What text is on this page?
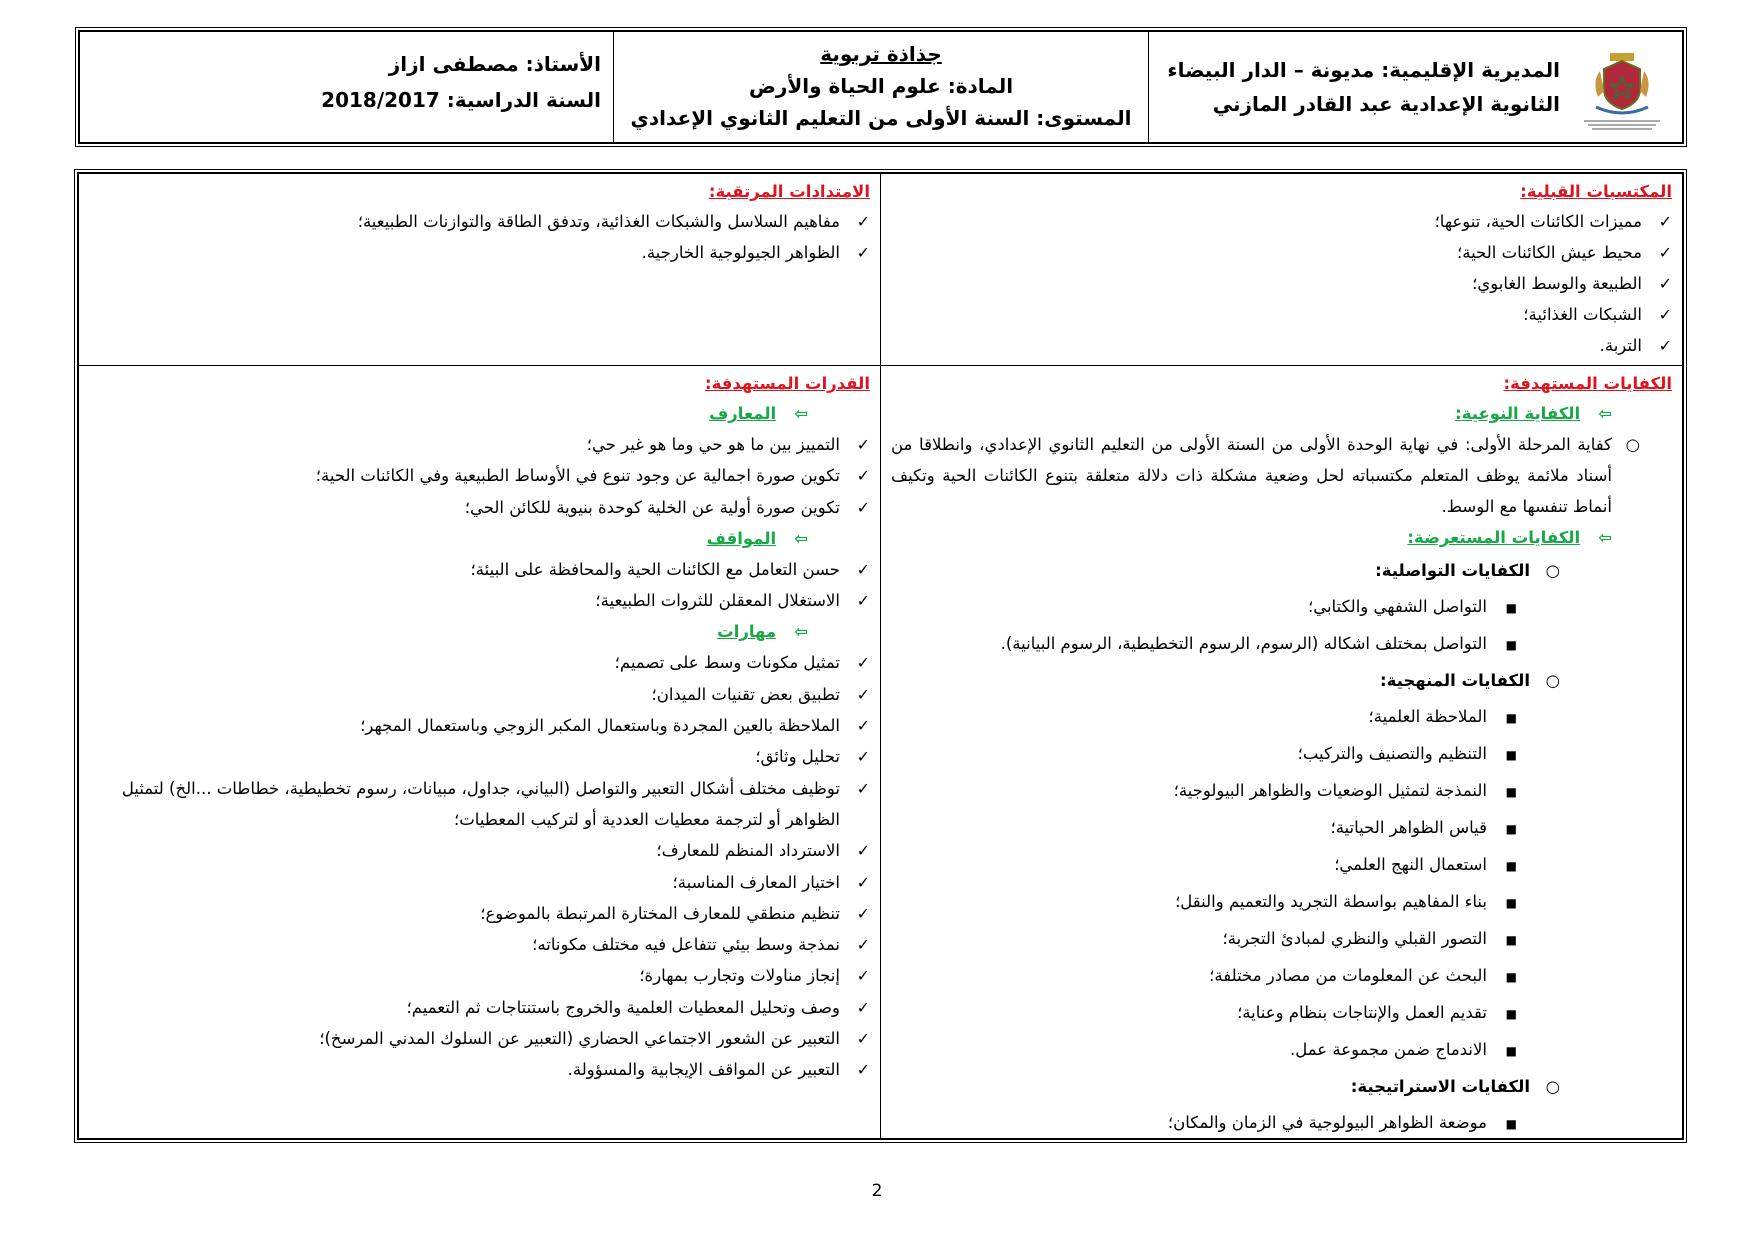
المديرية الإقليمية: مديونة – الدار البيضاء
الثانوية الإعدادية عبد القادر المازني
جذاذة تربوية
المادة: علوم الحياة والأرض
المستوى: السنة الأولى من التعليم الثانوي الإعدادي
الأستاذ: مصطفى ازاز
السنة الدراسية: 2018/2017
المكتسبات القبلية:
✓
مميزات الكائنات الحية، تنوعها؛
✓
محيط عيش الكائنات الحية؛
✓
الطبيعة والوسط الغابوي؛
✓
الشبكات الغذائية؛
✓
التربة.
الامتدادات المرتقبة:
✓
مفاهيم السلاسل والشبكات الغذائية، وتدفق الطاقة والتوازنات الطبيعية؛
✓
الظواهر الجيولوجية الخارجية.
الكفايات المستهدفة:
⇦الكفاية النوعية:
○
كفاية المرحلة الأولى: في نهاية الوحدة الأولى من السنة الأولى من التعليم الثانوي الإعدادي، وانطلاقا من أسناد ملائمة يوظف المتعلم مكتسباته لحل وضعية مشكلة ذات دلالة متعلقة بتنوع الكائنات الحية وتكيف أنماط تنفسها مع الوسط.
⇦الكفايات المستعرضة:
○
الكفايات التواصلية:
■
التواصل الشفهي والكتابي؛
■
التواصل بمختلف اشكاله (الرسوم، الرسوم التخطيطية، الرسوم البيانية).
○
الكفايات المنهجية:
■
الملاحظة العلمية؛
■
التنظيم والتصنيف والتركيب؛
■
النمذجة لتمثيل الوضعيات والظواهر البيولوجية؛
■
قياس الظواهر الحياتية؛
■
استعمال النهج العلمي؛
■
بناء المفاهيم بواسطة التجريد والتعميم والنقل؛
■
التصور القبلي والنظري لمبادئ التجربة؛
■
البحث عن المعلومات من مصادر مختلفة؛
■
تقديم العمل والإنتاجات بنظام وعناية؛
■
الاندماج ضمن مجموعة عمل.
○
الكفايات الاستراتيجية:
■
موضعة الظواهر البيولوجية في الزمان والمكان؛
القدرات المستهدفة:
⇦المعارف
✓
التمييز بين ما هو حي وما هو غير حي؛
✓
تكوين صورة اجمالية عن وجود تنوع في الأوساط الطبيعية وفي الكائنات الحية؛
✓
تكوين صورة أولية عن الخلية كوحدة بنيوية للكائن الحي؛
⇦المواقف
✓
حسن التعامل مع الكائنات الحية والمحافظة على البيئة؛
✓
الاستغلال المعقلن للثروات الطبيعية؛
⇦مهارات
✓
تمثيل مكونات وسط على تصميم؛
✓
تطبيق بعض تقنيات الميدان؛
✓
الملاحظة بالعين المجردة وباستعمال المكبر الزوجي وباستعمال المجهر؛
✓
تحليل وثائق؛
✓
توظيف مختلف أشكال التعبير والتواصل (البياني، جداول، مبيانات، رسوم تخطيطية، خطاطات ...الخ) لتمثيل الظواهر أو لترجمة معطيات العددية أو لتركيب المعطيات؛
✓
الاسترداد المنظم للمعارف؛
✓
اختيار المعارف المناسبة؛
✓
تنظيم منطقي للمعارف المختارة المرتبطة بالموضوع؛
✓
نمذجة وسط بيئي تتفاعل فيه مختلف مكوناته؛
✓
إنجاز مناولات وتجارب بمهارة؛
✓
وصف وتحليل المعطيات العلمية والخروج باستنتاجات ثم التعميم؛
✓
التعبير عن الشعور الاجتماعي الحضاري (التعبير عن السلوك المدني المرسخ)؛
✓
التعبير عن المواقف الإيجابية والمسؤولة.
2
